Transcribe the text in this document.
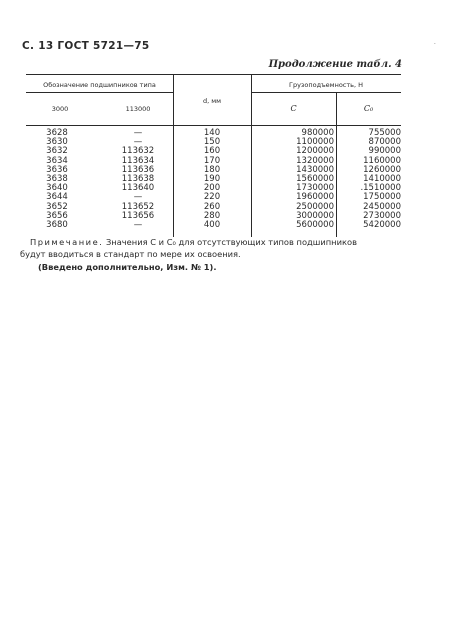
С. 13 ГОСТ 5721—75	·
Продолжение табл. 4
Обозначение подшипников типа
3000	113000
d, мм
Грузоподъемность, Н
C	C₀
3628	—	140	980000	755000
3630	—	150	1100000	870000
3632	113632	160	1200000	990000
3634	113634	170	1320000	1160000
3636	113636	180	1430000	1260000
3638	113638	190	1560000	1410000
3640	113640	200	1730000	.1510000
3644	—	220	1960000	1750000
3652	113652	260	2500000	2450000
3656	113656	280	3000000	2730000
3680	—	400	5600000	5420000
Примечание. Значения C и C₀ для отсутствующих типов подшипников
будут вводиться в стандарт по мере их освоения.
(Введено дополнительно, Изм. № 1).
